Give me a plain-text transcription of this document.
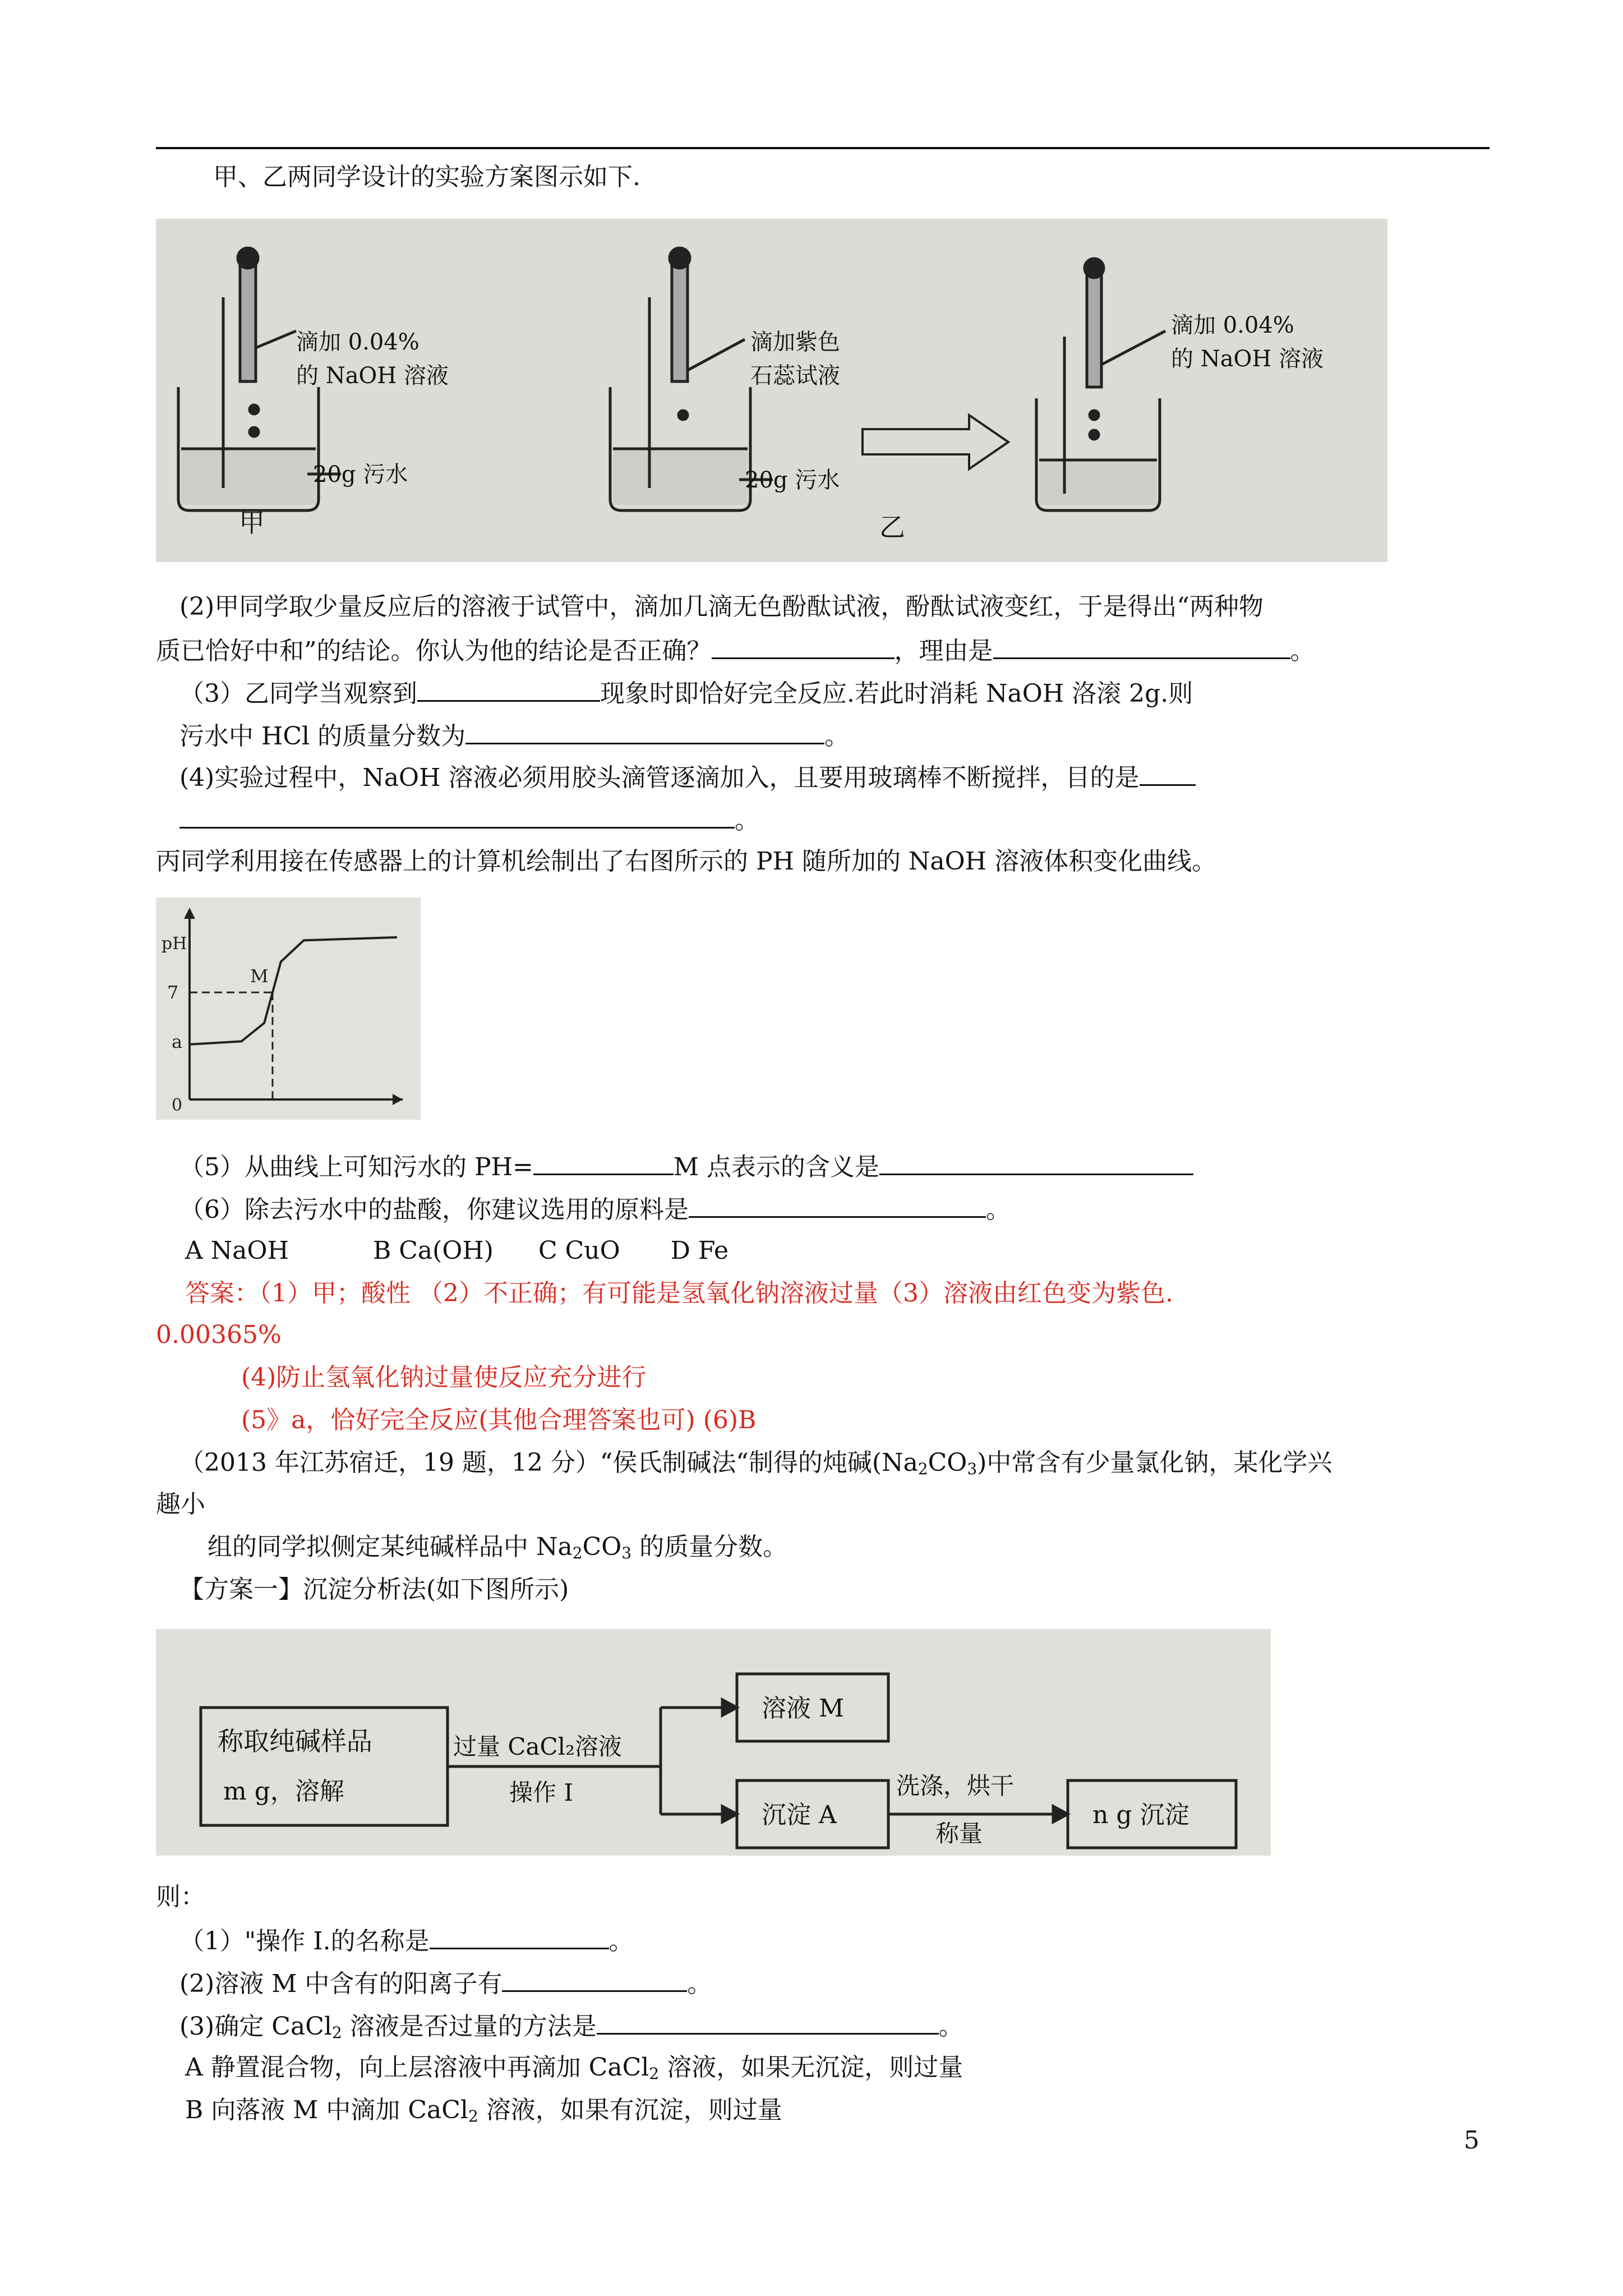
甲、乙两同学设计的实验方案图示如下.
滴加 0.04%
的 NaOH 溶液
20g 污水
甲
滴加紫色
石蕊试液
20g 污水
滴加 0.04%
的 NaOH 溶液
乙
(2)甲同学取少量反应后的溶液于试管中，滴加几滴无色酚酞试液，酚酞试液变红，于是得出“两种物
质已恰好中和”的结论。你认为他的结论是否正确？	，理由是	。
（3）乙同学当观察到	现象时即恰好完全反应.若此时消耗 NaOH 洛滚 2g.则
污水中 HCl 的质量分数为	。
(4)实验过程中，NaOH 溶液必须用胶头滴管逐滴加入，且要用玻璃棒不断搅拌，目的是
。
丙同学利用接在传感器上的计算机绘制出了右图所示的 PH 随所加的 NaOH 溶液体积变化曲线。
pH
7
a
0
M
（5）从曲线上可知污水的 PH=	M 点表示的含义是
（6）除去污水中的盐酸，你建议选用的原料是	。
A NaOH	B Ca(OH) C CuO D Fe
答案：（1）甲；酸性 （2）不正确；有可能是氢氧化钠溶液过量（3）溶液由红色变为紫色.
0.00365%
(4)防止氢氧化钠过量使反应充分进行
(5》a，恰好完全反应(其他合理答案也可) (6)B
（2013 年江苏宿迁，19 题，12 分）“侯氏制碱法“制得的炖碱$(Na_2CO_3)$中常含有少量氯化钠，某化学兴
趣小
组的同学拟侧定某纯碱样品中 $Na_2CO_3$ 的质量分数。
【方案一】沉淀分析法(如下图所示)
称取纯碱样品
m g，溶解
过量 CaCl₂溶液
操作 I
溶液 M
沉淀 A
洗涤，烘干
称量
n g 沉淀
则：
（1）"操作 I.的名称是	。
(2)溶液 M 中含有的阳离子有	。
(3)确定 CaCl$_2$ 溶液是否过量的方法是	。
A 静置混合物，向上层溶液中再滴加 CaCl$_2$ 溶液，如果无沉淀，则过量
B 向落液 M 中滴加 CaCl$_2$ 溶液，如果有沉淀，则过量
5
